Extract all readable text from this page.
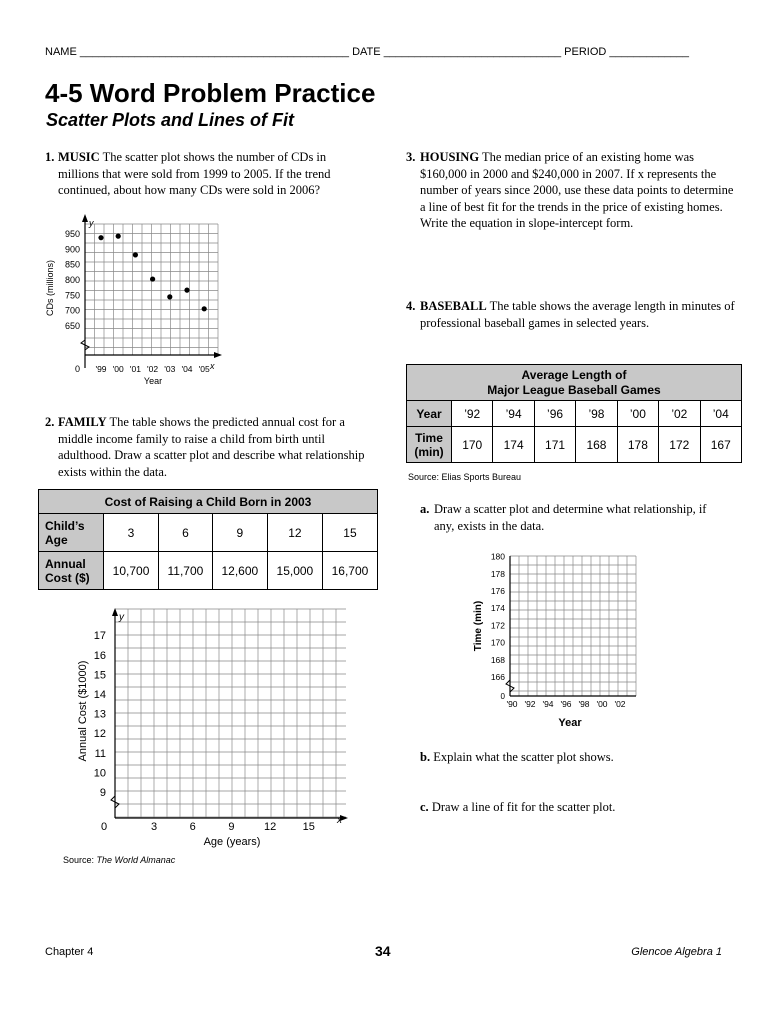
NAME ____________________________________________ DATE _____________________________ PERIOD _____________
4-5 Word Problem Practice
Scatter Plots and Lines of Fit
1. MUSIC The scatter plot shows the number of CDs in millions that were sold from 1999 to 2005. If the trend continued, about how many CDs were sold in 2006?
y
x
0
650
700
750
800
850
900
950
'99 '00 '01 '02 '03 '04 '05
Year
CDs (millions)
2. FAMILY The table shows the predicted annual cost for a middle income family to raise a child from birth until adulthood. Draw a scatter plot and describe what relationship exists within the data.
Cost of Raising a Child Born in 2003					
Child’s Age	3	6	9	12	15
Annual Cost ($)	10,700	11,700	12,600	15,000	16,700
y
x
9
10
11
12
13
14
15
16
17
0	3	6	9	12 15
Age (years)
Annual Cost ($1000)
Source: The World Almanac
3. HOUSING The median price of an existing home was $160,000 in 2000 and $240,000 in 2007. If x represents the number of years since 2000, use these data points to determine a line of best fit for the trends in the price of existing homes. Write the equation in slope-intercept form.
4. BASEBALL The table shows the average length in minutes of professional baseball games in selected years.
Average Length of
Major League Baseball Games							

Year	’92	’94	’96	’98	’00	’02	’04

Time
(min)	170	174	171	168	178	172	167
Source: Elias Sports Bureau
a. Draw a scatter plot and determine what relationship, if any, exists in the data.
0
166
168
170
172
174
176
178
180
'90 '92 '94 '96 '98 '00 '02
Year
Time (min)
b. Explain what the scatter plot shows.
c. Draw a line of fit for the scatter plot.
Chapter 4	34	Glencoe Algebra 1
